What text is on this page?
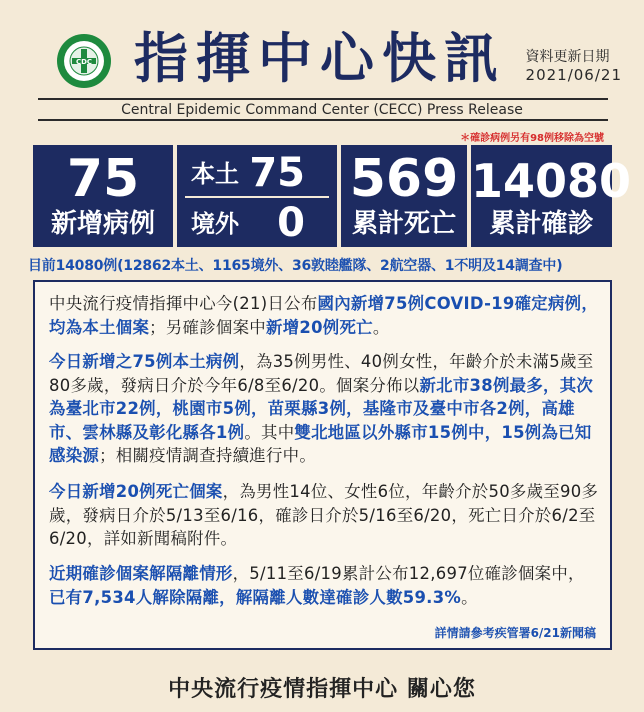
CDC 指揮中心快訊 資料更新日期
2021/06/21
Central Epidemic Command Center (CECC) Press Release
＊確診病例另有98例移除為空號
75
新增病例
本土 75
境外 0
569
累計死亡
14080
累計確診
目前14080例(12862本土、1165境外、36敦睦艦隊、2航空器、1不明及14調查中)
中央流行疫情指揮中心今(21)日公布國內新增75例COVID-19確定病例，均為本土個案；另確診個案中新增20例死亡。
今日新增之75例本土病例，為35例男性、40例女性，年齡介於未滿5歲至80多歲，發病日介於今年6/8至6/20。個案分佈以新北市38例最多，其次為臺北市22例，桃園市5例，苗栗縣3例，基隆市及臺中市各2例，高雄市、雲林縣及彰化縣各1例。其中雙北地區以外縣市15例中，15例為已知感染源；相關疫情調查持續進行中。
今日新增20例死亡個案，為男性14位、女性6位，年齡介於50多歲至90多歲，發病日介於5/13至6/16，確診日介於5/16至6/20，死亡日介於6/2至6/20，詳如新聞稿附件。
近期確診個案解隔離情形，5/11至6/19累計公布12,697位確診個案中，已有7,534人解除隔離，解隔離人數達確診人數59.3%。
詳情請參考疾管署6/21新聞稿
中央流行疫情指揮中心 關心您
